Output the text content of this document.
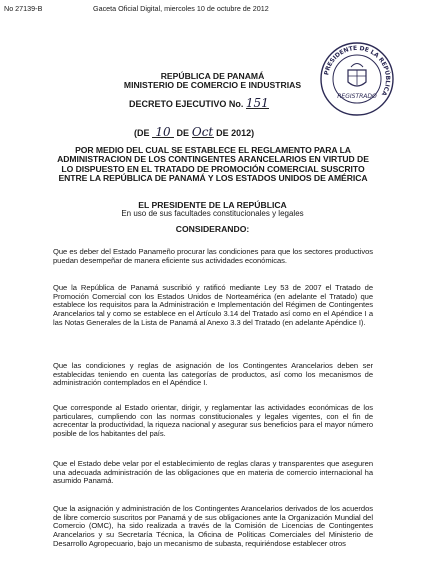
No 27139-B	Gaceta Oficial Digital, miercoles 10 de octubre de 2012
PRESIDENTE DE LA REPÚBLICA
REGISTRADO
REPÚBLICA DE PANAMÁ
MINISTERIO DE COMERCIO E INDUSTRIAS
DECRETO EJECUTIVO No. 151
(DE 10 DE Oct DE 2012)
POR MEDIO DEL CUAL SE ESTABLECE EL REGLAMENTO PARA LA ADMINISTRACION DE LOS CONTINGENTES ARANCELARIOS EN VIRTUD DE LO DISPUESTO EN EL TRATADO DE PROMOCIÓN COMERCIAL SUSCRITO ENTRE LA REPÚBLICA DE PANAMÁ Y LOS ESTADOS UNIDOS DE AMÉRICA
EL PRESIDENTE DE LA REPÚBLICA
En uso de sus facultades constitucionales y legales
CONSIDERANDO:
Que es deber del Estado Panameño procurar las condiciones para que los sectores productivos puedan desempeñar de manera eficiente sus actividades económicas.
Que la República de Panamá suscribió y ratificó mediante Ley 53 de 2007 el Tratado de Promoción Comercial con los Estados Unidos de Norteamérica (en adelante el Tratado) que establece los requisitos para la Administración e Implementación del Régimen de Contingentes Arancelarios tal y como se establece en el Artículo 3.14 del Tratado así como en el Apéndice I a las Notas Generales de la Lista de Panamá al Anexo 3.3 del Tratado (en adelante Apéndice I).
Que las condiciones y reglas de asignación de los Contingentes Arancelarios deben ser establecidas teniendo en cuenta las categorías de productos, así como los mecanismos de administración contemplados en el Apéndice I.
Que corresponde al Estado orientar, dirigir, y reglamentar las actividades económicas de los particulares, cumpliendo con las normas constitucionales y legales vigentes, con el fin de acrecentar la productividad, la riqueza nacional y asegurar sus beneficios para el mayor número posible de los habitantes del país.
Que el Estado debe velar por el establecimiento de reglas claras y transparentes que aseguren una adecuada administración de las obligaciones que en materia de comercio internacional ha asumido Panamá.
Que la asignación y administración de los Contingentes Arancelarios derivados de los acuerdos de libre comercio suscritos por Panamá y de sus obligaciones ante la Organización Mundial del Comercio (OMC), ha sido realizada a través de la Comisión de Licencias de Contingentes Arancelarios y su Secretaría Técnica, la Oficina de Políticas Comerciales del Ministerio de Desarrollo Agropecuario, bajo un mecanismo de subasta, requiriéndose establecer otros
